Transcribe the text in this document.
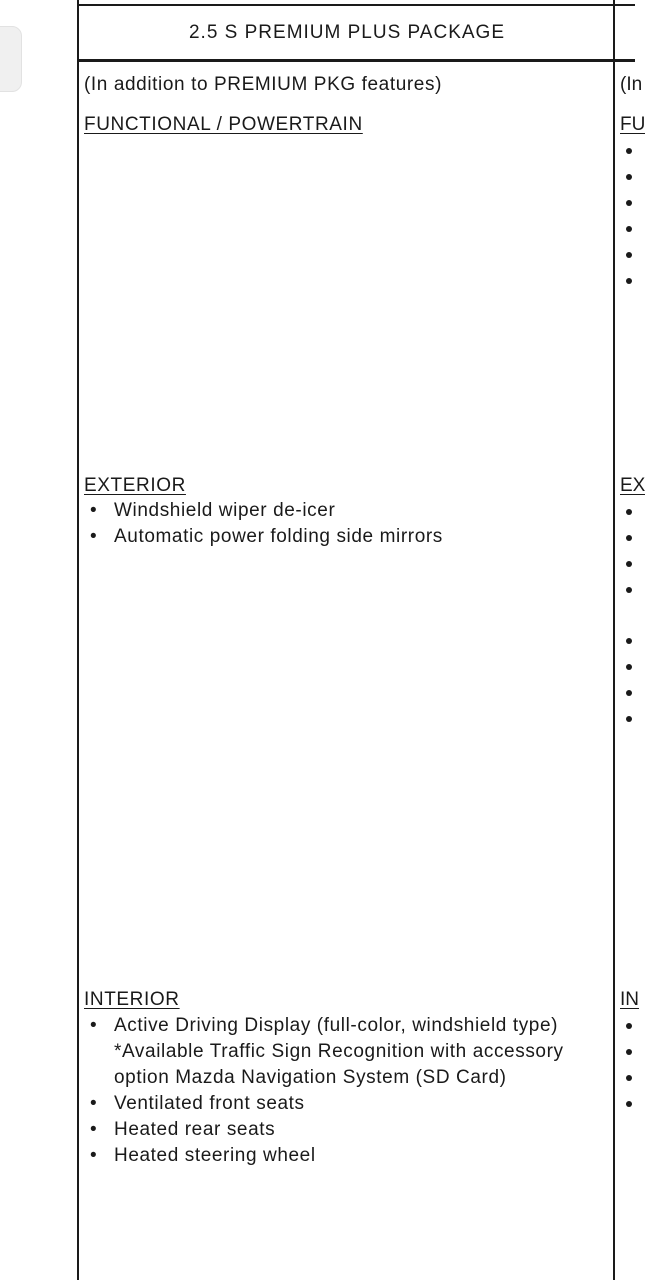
2.5 S PREMIUM PLUS PACKAGE
(In addition to PREMIUM PKG features)
FUNCTIONAL / POWERTRAIN
EXTERIOR
• Windshield wiper de-icer
• Automatic power folding side mirrors
INTERIOR
• Active Driving Display (full-color, windshield type)
*Available Traffic Sign Recognition with accessory
option Mazda Navigation System (SD Card)
• Ventilated front seats
• Heated rear seats
• Heated steering wheel
(In
FU
EX
IN
